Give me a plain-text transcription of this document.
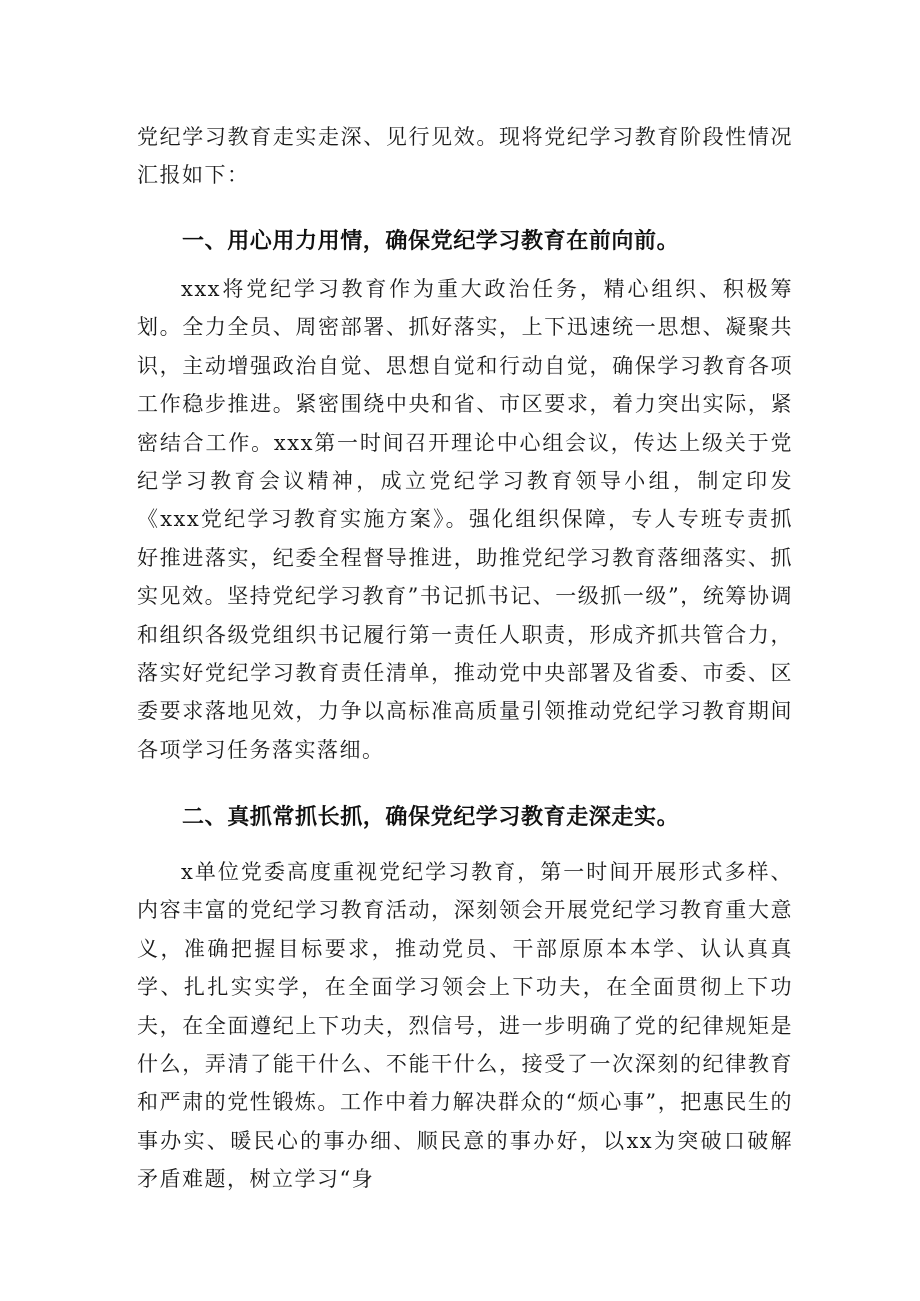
党纪学习教育走实走深、见行见效。现将党纪学习教育阶段性情况汇报如下：

一、用心用力用情，确保党纪学习教育在前向前。

xxx将党纪学习教育作为重大政治任务，精心组织、积极筹划。全力全员、周密部署、抓好落实，上下迅速统一思想、凝聚共识，主动增强政治自觉、思想自觉和行动自觉，确保学习教育各项工作稳步推进。紧密围绕中央和省、市区要求，着力突出实际，紧密结合工作。xxx第一时间召开理论中心组会议，传达上级关于党纪学习教育会议精神，成立党纪学习教育领导小组，制定印发《xxx党纪学习教育实施方案》。强化组织保障，专人专班专责抓好推进落实，纪委全程督导推进，助推党纪学习教育落细落实、抓实见效。坚持党纪学习教育”书记抓书记、一级抓一级”，统筹协调和组织各级党组织书记履行第一责任人职责，形成齐抓共管合力，落实好党纪学习教育责任清单，推动党中央部署及省委、市委、区委要求落地见效，力争以高标准高质量引领推动党纪学习教育期间各项学习任务落实落细。

二、真抓常抓长抓，确保党纪学习教育走深走实。

x单位党委高度重视党纪学习教育，第一时间开展形式多样、内容丰富的党纪学习教育活动，深刻领会开展党纪学习教育重大意义，准确把握目标要求，推动党员、干部原原本本学、认认真真学、扎扎实实学，在全面学习领会上下功夫，在全面贯彻上下功夫，在全面遵纪上下功夫，烈信号，进一步明确了党的纪律规矩是什么，弄清了能干什么、不能干什么，接受了一次深刻的纪律教育和严肃的党性锻炼。工作中着力解决群众的“烦心事”，把惠民生的事办实、暖民心的事办细、顺民意的事办好，以xx为突破口破解矛盾难题，树立学习“身
